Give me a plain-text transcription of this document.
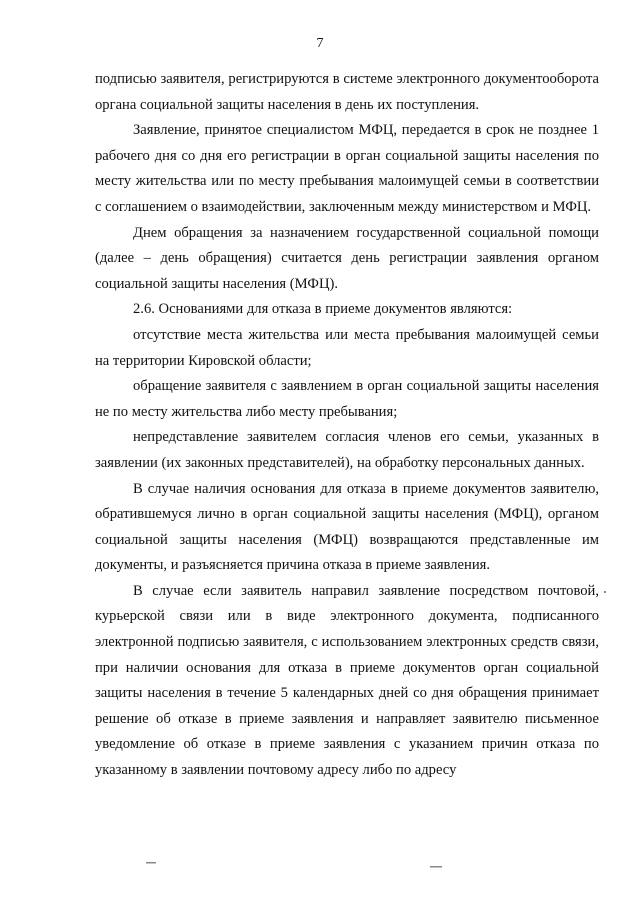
7

подписью заявителя, регистрируются в системе электронного документооборота органа социальной защиты населения в день их поступления.

Заявление, принятое специалистом МФЦ, передается в срок не позднее 1 рабочего дня со дня его регистрации в орган социальной защиты населения по месту жительства или по месту пребывания малоимущей семьи в соответствии с соглашением о взаимодействии, заключенным между министерством и МФЦ.

Днем обращения за назначением государственной социальной помощи (далее – день обращения) считается день регистрации заявления органом социальной защиты населения (МФЦ).

2.6. Основаниями для отказа в приеме документов являются:

отсутствие места жительства или места пребывания малоимущей семьи на территории Кировской области;

обращение заявителя с заявлением в орган социальной защиты населения не по месту жительства либо месту пребывания;

непредставление заявителем согласия членов его семьи, указанных в заявлении (их законных представителей), на обработку персональных данных.

В случае наличия основания для отказа в приеме документов заявителю, обратившемуся лично в орган социальной защиты населения (МФЦ), органом социальной защиты населения (МФЦ) возвращаются представленные им документы, и разъясняется причина отказа в приеме заявления.

В случае если заявитель направил заявление посредством почтовой, курьерской связи или в виде электронного документа, подписанного электронной подписью заявителя, с использованием электронных средств связи, при наличии основания для отказа в приеме документов орган социальной защиты населения в течение 5 календарных дней со дня обращения принимает решение об отказе в приеме заявления и направляет заявителю письменное уведомление об отказе в приеме заявления с указанием причин отказа по указанному в заявлении почтовому адресу либо по адресу
